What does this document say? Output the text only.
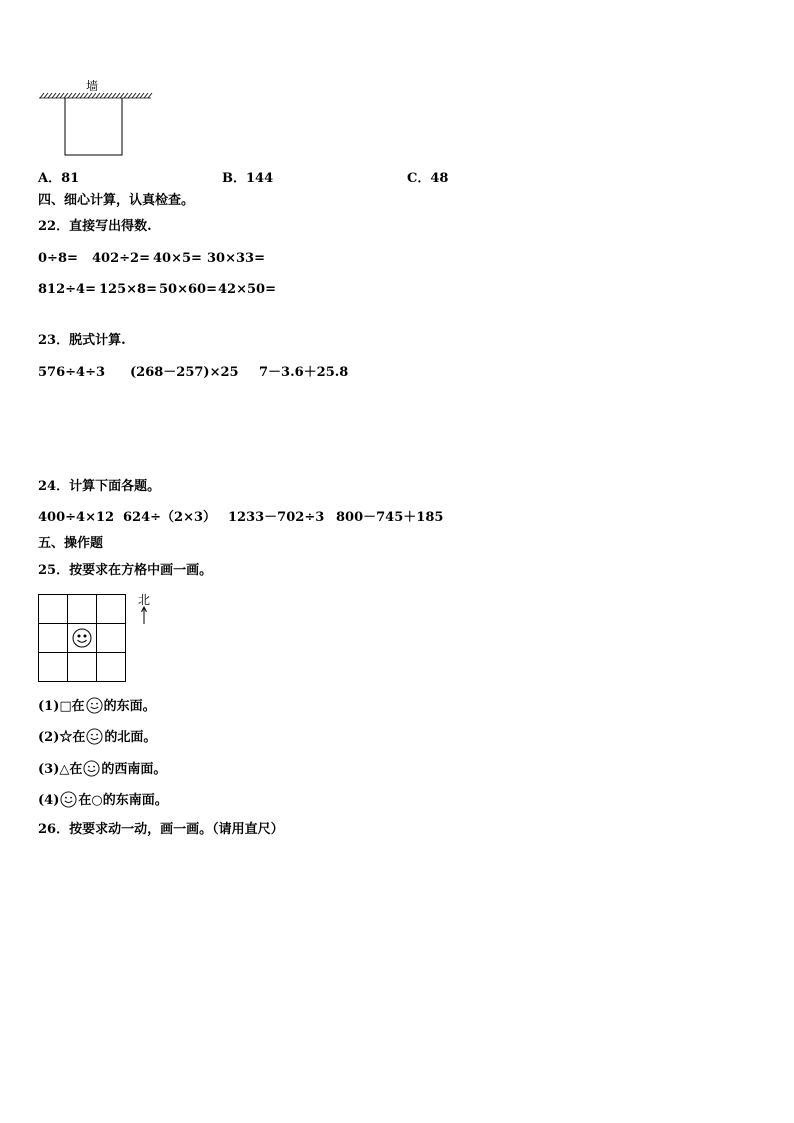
墙
A．81	B．144	C．48
四、细心计算，认真检查。
22．直接写出得数.
0÷8= 402÷2= 40×5= 30×33=
812÷4= 125×8= 50×60= 42×50=
23．脱式计算.
576÷4÷3 (268－257)×25 7－3.6＋25.8
24．计算下面各题。
400÷4×12 624÷（2×3） 1233－702÷3 800－745＋185
五、操作题
25．按要求在方格中画一画。
北
(1)□在 的东面。
(2)☆在 的北面。
(3)△在 的西南面。
(4) 在○的东南面。
26．按要求动一动，画一画。（请用直尺）
